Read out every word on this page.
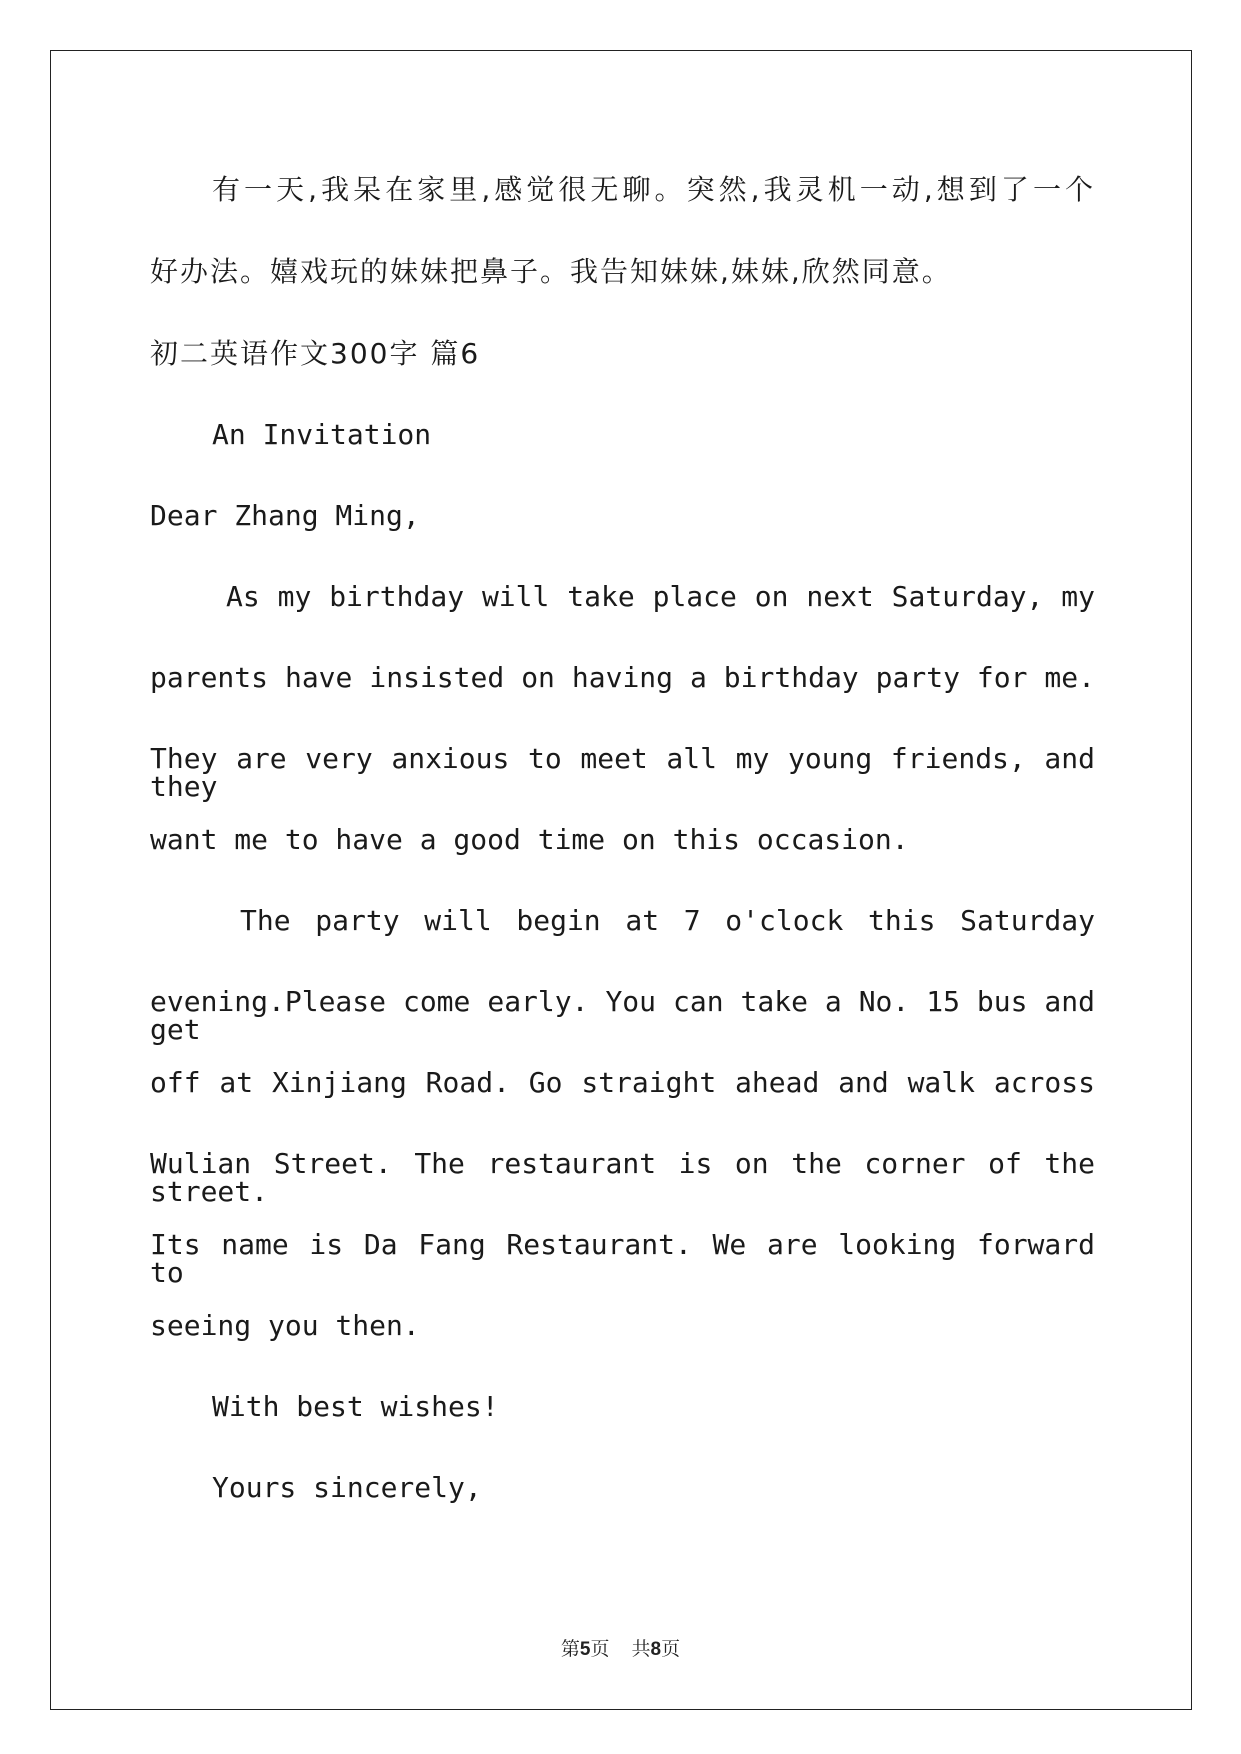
有一天,我呆在家里,感觉很无聊。突然,我灵机一动,想到了一个
好办法。嬉戏玩的妹妹把鼻子。我告知妹妹,妹妹,欣然同意。
初二英语作文300字 篇6
An Invitation
Dear Zhang Ming,
As my birthday will take place on next Saturday, my
parents have insisted on having a birthday party for me.
They are very anxious to meet all my young friends, and they
want me to have a good time on this occasion.
The party will begin at 7 o'clock this Saturday
evening.Please come early. You can take a No. 15 bus and get
off at Xinjiang Road. Go straight ahead and walk across
Wulian Street. The restaurant is on the corner of the street.
Its name is Da Fang Restaurant. We are looking forward to
seeing you then.
With best wishes!
Yours sincerely,
第5页 共8页
